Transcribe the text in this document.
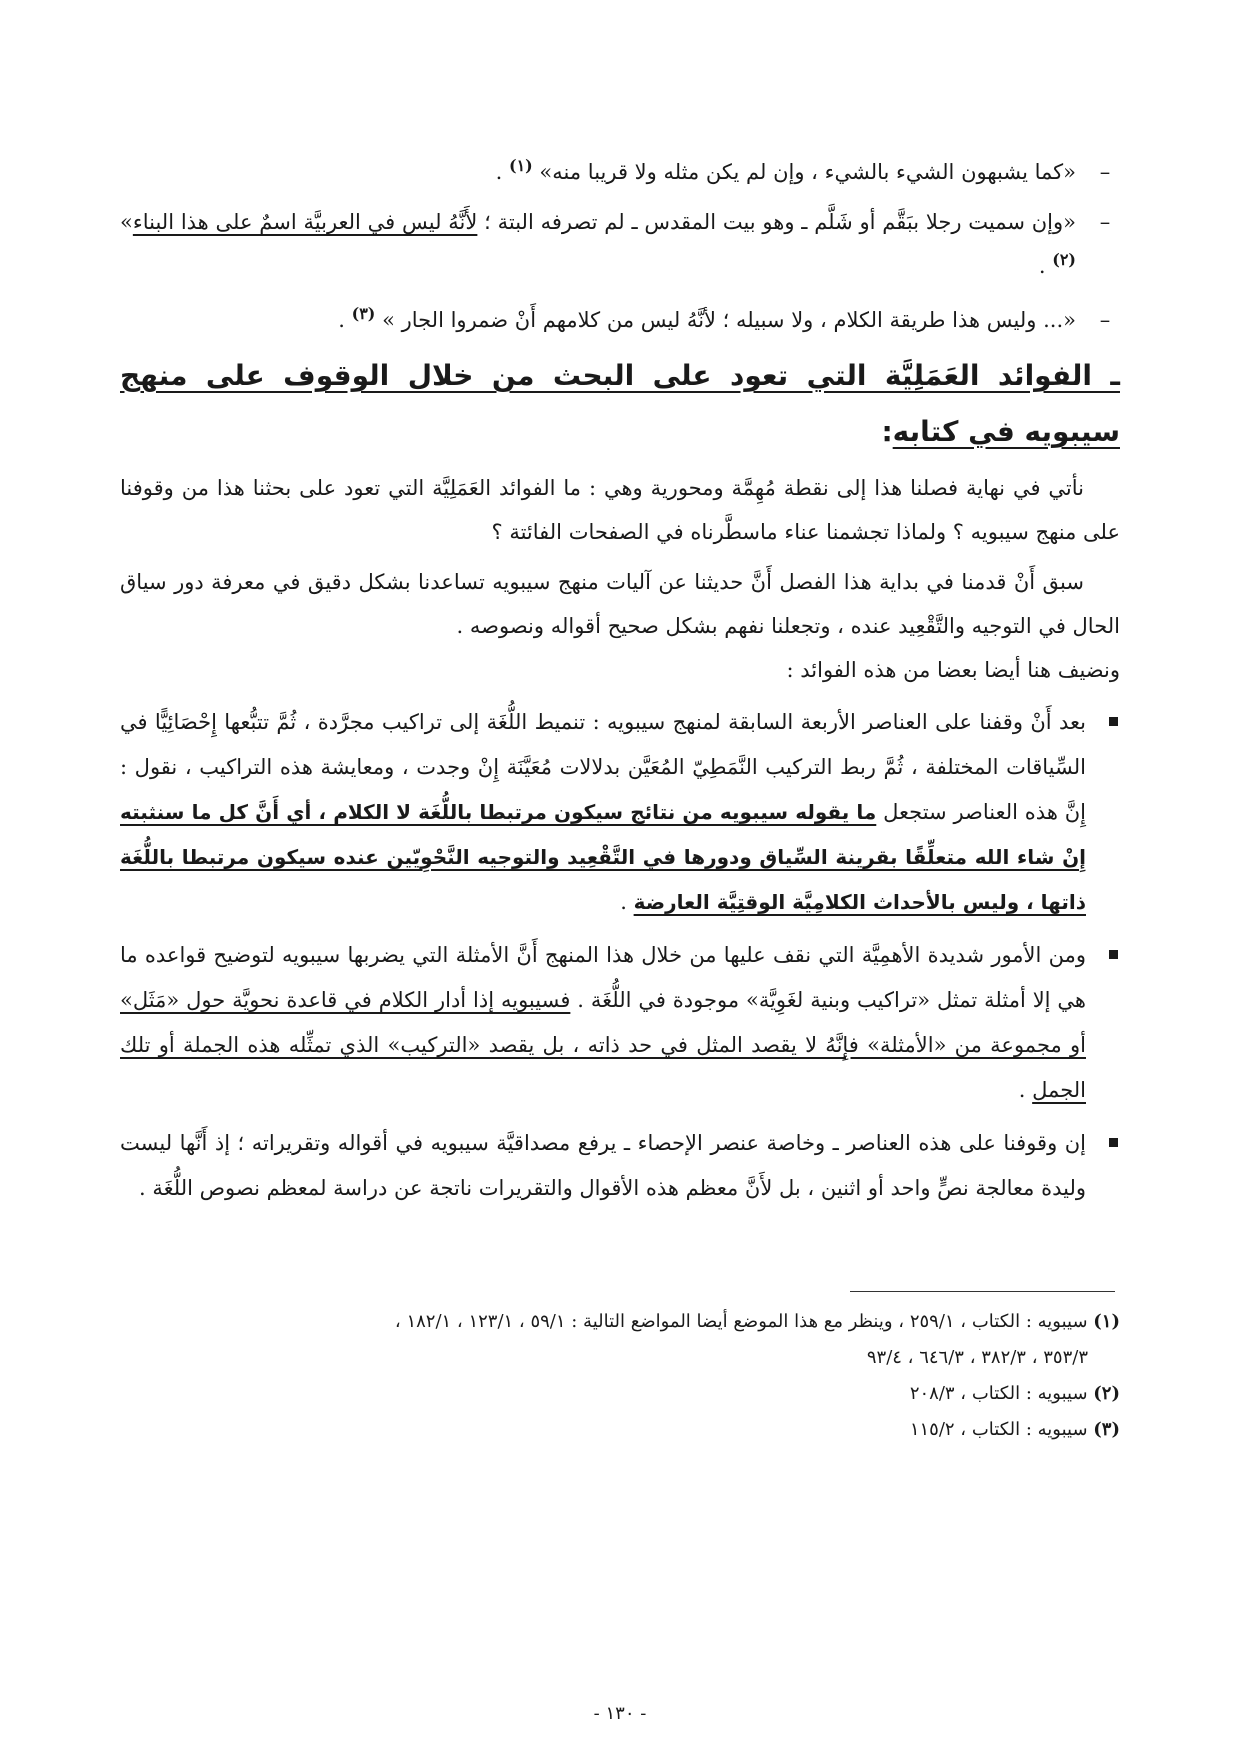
–
«كما يشبهون الشيء بالشيء ، وإن لم يكن مثله ولا قريبا منه» $^{(١)}$ .

–
«وإن سميت رجلا ببَقَّم أو شَلَّم ـ وهو بيت المقدس ـ لم تصرفه البتة ؛ لأَنَّهُ ليس في العربيَّة اسمٌ على هذا البناء» $^{(٢)}$ .

–
«... وليس هذا طريقة الكلام ، ولا سبيله ؛ لأنَّهُ ليس من كلامهم أَنْ ضمروا الجار » $^{(٣)}$ .

ـ الفوائد العَمَلِيَّة التي تعود على البحث من خلال الوقوف على منهج سيبويه في كتابه:

نأتي في نهاية فصلنا هذا إلى نقطة مُهِمَّة ومحورية وهي : ما الفوائد العَمَلِيَّة التي تعود على بحثنا هذا من وقوفنا على منهج سيبويه ؟ ولماذا تجشمنا عناء ماسطَّرناه في الصفحات الفائتة ؟

سبق أَنْ قدمنا في بداية هذا الفصل أَنَّ حديثنا عن آليات منهج سيبويه تساعدنا بشكل دقيق في معرفة دور سياق الحال في التوجيه والتَّقْعِيد عنده ، وتجعلنا نفهم بشكل صحيح أقواله ونصوصه .

ونضيف هنا أيضا بعضا من هذه الفوائد :

بعد أَنْ وقفنا على العناصر الأربعة السابقة لمنهج سيبويه : تنميط اللُّغَة إلى تراكيب مجرَّدة ، ثُمَّ تتبُّعها إِحْصَائِيًّا في السِّياقات المختلفة ، ثُمَّ ربط التركيب النَّمَطِيّ المُعَيَّن بدلالات مُعَيَّنَة إِنْ وجدت ، ومعايشة هذه التراكيب ، نقول : إِنَّ هذه العناصر ستجعل ما يقوله سيبويه من نتائج سيكون مرتبطا باللُّغَة لا الكلام ، أي أَنَّ كل ما سنثبته إِنْ شاء الله متعلِّقًا بقرينة السِّياق ودورها في التَّقْعِيد والتوجيه النَّحْوِيّين عنده سيكون مرتبطا باللُّغَة ذاتها ، وليس بالأحداث الكلامِيَّة الوقتِيَّة العارضة .
ومن الأمور شديدة الأهمِيَّة التي نقف عليها من خلال هذا المنهج أَنَّ الأمثلة التي يضربها سيبويه لتوضيح قواعده ما هي إلا أمثلة تمثل «تراكيب وبنية لغَوِيَّة» موجودة في اللُّغَة . فسيبويه إذا أدار الكلام في قاعدة نحويَّة حول «مَثَل» أو مجموعة من «الأمثلة» فإِنَّهُ لا يقصد المثل في حد ذاته ، بل يقصد «التركيب» الذي تمثِّله هذه الجملة أو تلك الجمل .
إن وقوفنا على هذه العناصر ـ وخاصة عنصر الإحصاء ـ يرفع مصداقيَّة سيبويه في أقواله وتقريراته ؛ إذ أَنَّها ليست وليدة معالجة نصٍّ واحد أو اثنين ، بل لأَنَّ معظم هذه الأقوال والتقريرات ناتجة عن دراسة لمعظم نصوص اللُّغَة .

(١) سيبويه : الكتاب ، ٢٥٩/١ ، وينظر مع هذا الموضع أيضا المواضع التالية : ٥٩/١ ، ١٢٣/١ ، ١٨٢/١ ،

٣٥٣/٣ ، ٣٨٢/٣ ، ٦٤٦/٣ ، ٩٣/٤

(٢) سيبويه : الكتاب ، ٢٠٨/٣

(٣) سيبويه : الكتاب ، ١١٥/٢

- ١٣٠ -
